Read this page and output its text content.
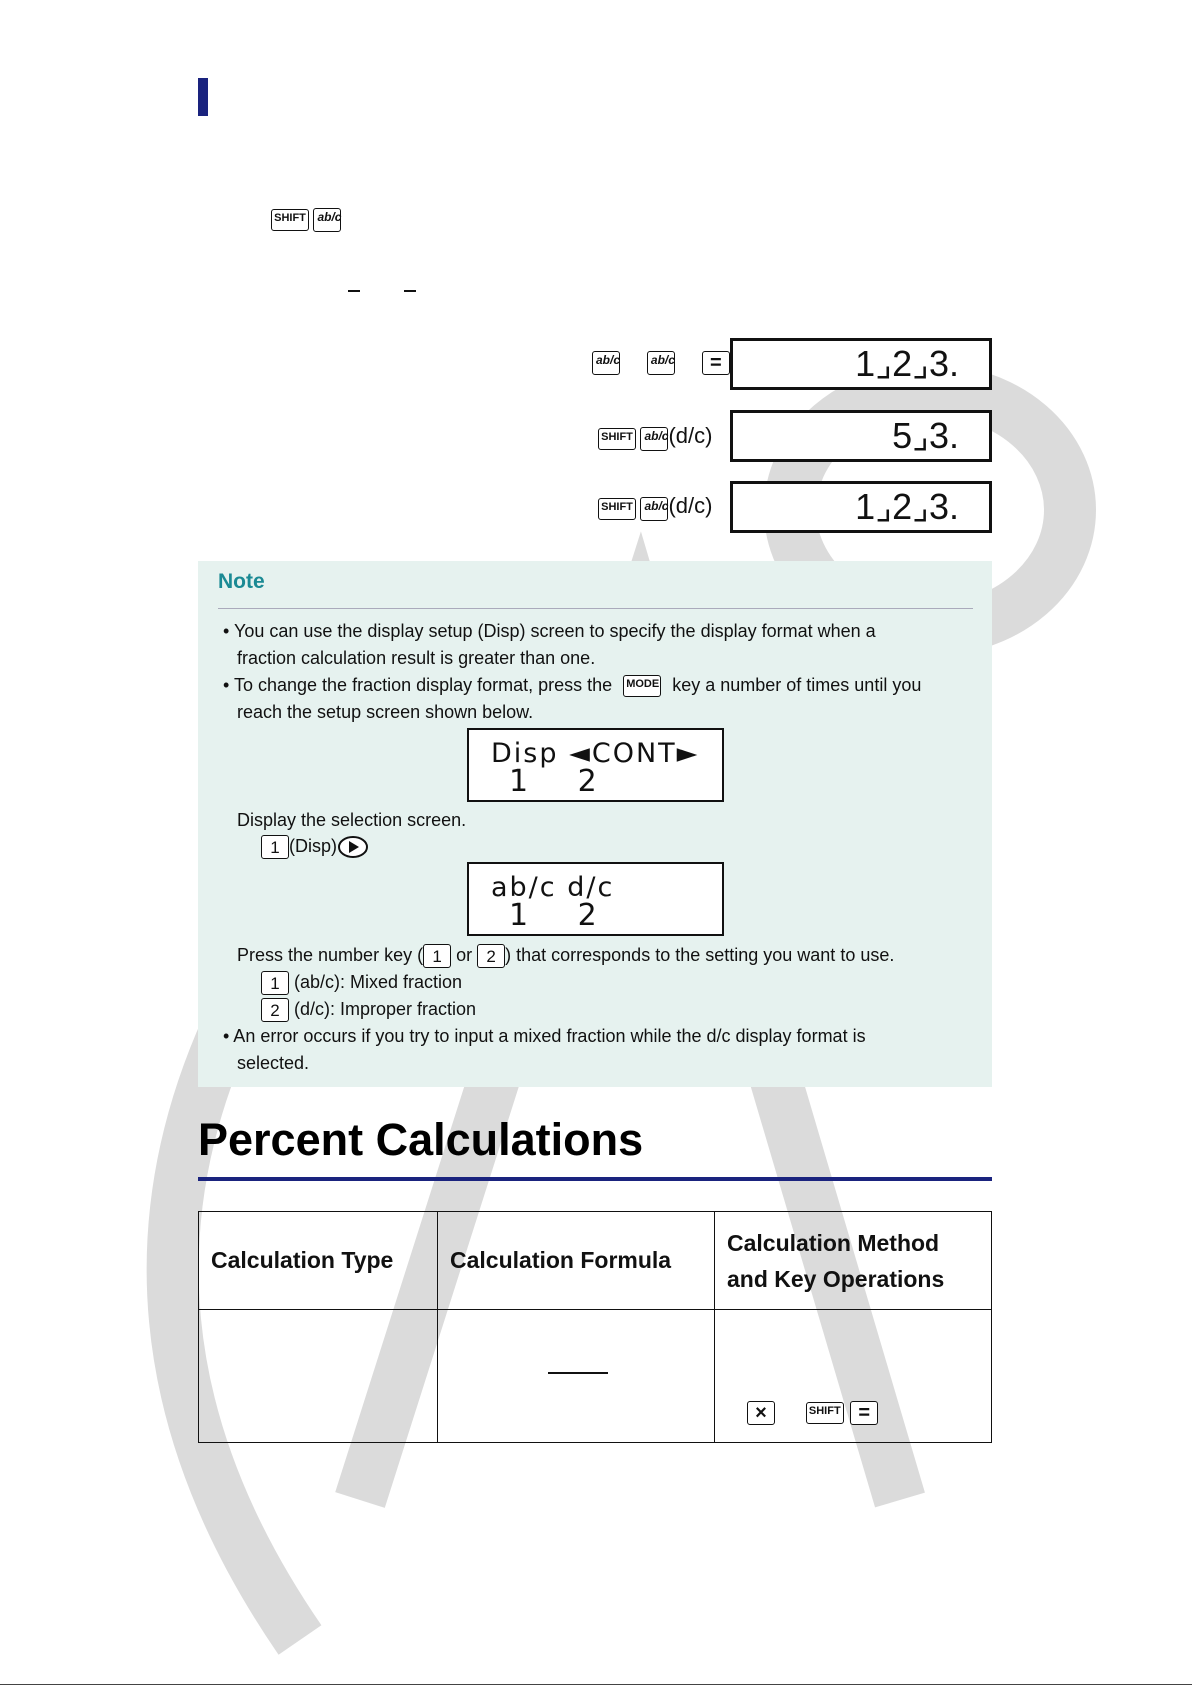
SHIFT ab/c
ab/c
	ab/c =	1⌟2⌟3.
SHIFT ab/c (d/c)	5⌟3.
SHIFT ab/c (d/c)	1⌟2⌟3.
Note
• You can use the display setup (Disp) screen to specify the display format when a
fraction calculation result is greater than one.
• To change the fraction display format, press the MODE key a number of times until you
reach the setup screen shown below.
Disp ◄CONT►
1 2
Display the selection screen.
1 (Disp)
ab/c d/c
1 2
Press the number key ( 1 or 2 ) that corresponds to the setting you want to use.
1 (ab/c): Mixed fraction
2 (d/c): Improper fraction
• An error occurs if you try to input a mixed fraction while the d/c display format is
selected.
Percent Calculations
Calculation Type	Calculation Formula	Calculation Method
and Key Operations

		× SHIFT =
